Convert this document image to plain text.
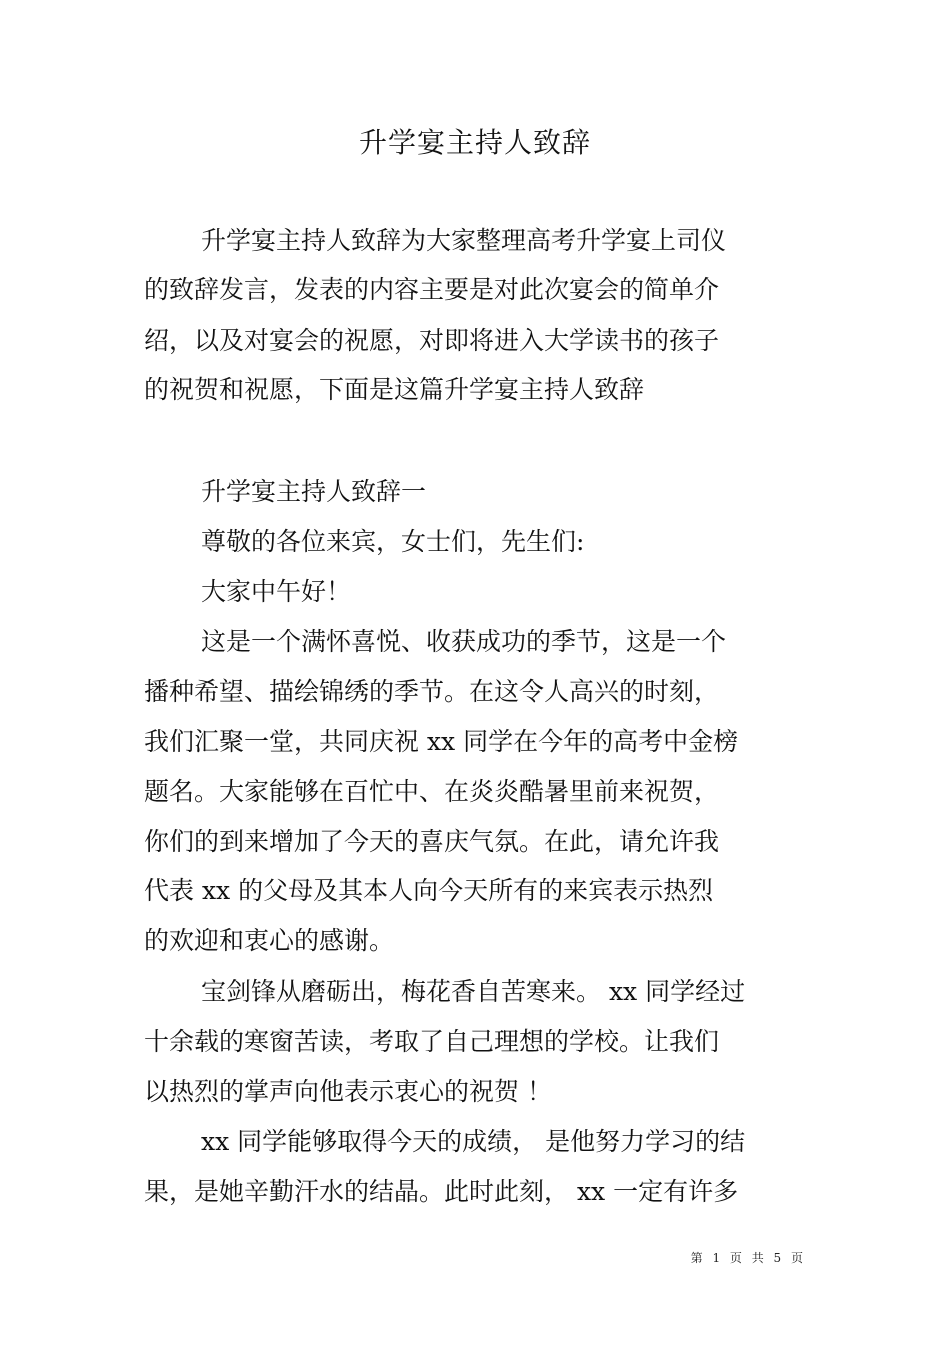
升学宴主持人致辞
升学宴主持人致辞为大家整理高考升学宴上司仪
的致辞发言，发表的内容主要是对此次宴会的简单介
绍，以及对宴会的祝愿，对即将进入大学读书的孩子
的祝贺和祝愿，下面是这篇升学宴主持人致辞
升学宴主持人致辞一
尊敬的各位来宾，女士们，先生们:
大家中午好！
这是一个满怀喜悦、收获成功的季节，这是一个
播种希望、描绘锦绣的季节。在这令人高兴的时刻，
我们汇聚一堂，共同庆祝 xx 同学在今年的高考中金榜
题名。大家能够在百忙中、在炎炎酷暑里前来祝贺，
你们的到来增加了今天的喜庆气氛。在此，请允许我
代表 xx 的父母及其本人向今天所有的来宾表示热烈
的欢迎和衷心的感谢。
宝剑锋从磨砺出，梅花香自苦寒来。 xx 同学经过
十余载的寒窗苦读，考取了自己理想的学校。让我们
以热烈的掌声向他表示衷心的祝贺 ！
xx 同学能够取得今天的成绩， 是他努力学习的结
果，是她辛勤汗水的结晶。此时此刻， xx 一定有许多
第 1 页 共 5 页
